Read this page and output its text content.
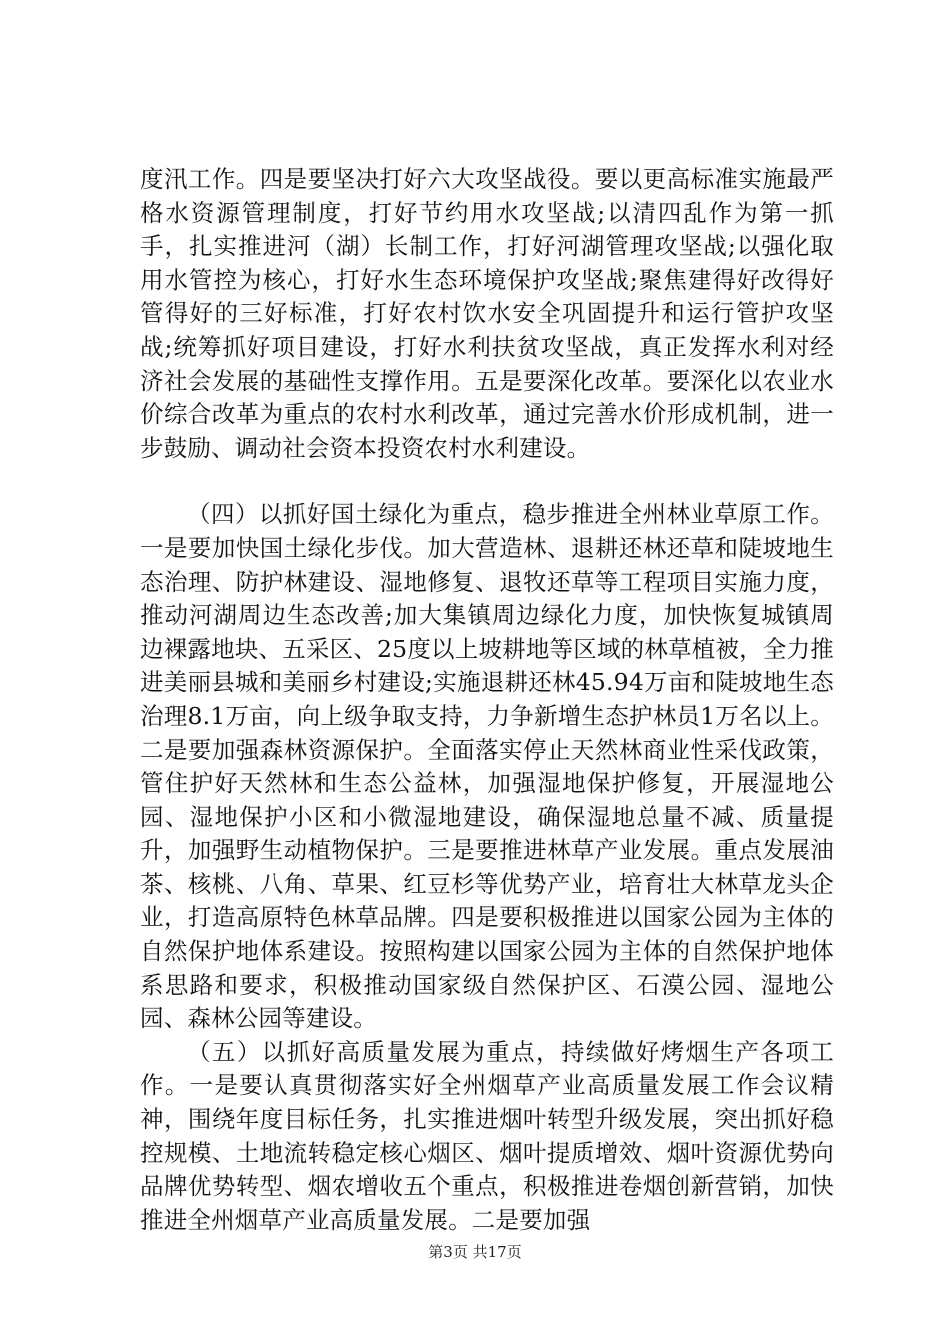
度汛工作。四是要坚决打好六大攻坚战役。要以更高标准实施最严格水资源管理制度，打好节约用水攻坚战;以清四乱作为第一抓手，扎实推进河（湖）长制工作，打好河湖管理攻坚战;以强化取用水管控为核心，打好水生态环境保护攻坚战;聚焦建得好改得好管得好的三好标准，打好农村饮水安全巩固提升和运行管护攻坚战;统筹抓好项目建设，打好水利扶贫攻坚战，真正发挥水利对经济社会发展的基础性支撑作用。五是要深化改革。要深化以农业水价综合改革为重点的农村水利改革，通过完善水价形成机制，进一步鼓励、调动社会资本投资农村水利建设。

（四）以抓好国土绿化为重点，稳步推进全州林业草原工作。一是要加快国土绿化步伐。加大营造林、退耕还林还草和陡坡地生态治理、防护林建设、湿地修复、退牧还草等工程项目实施力度，推动河湖周边生态改善;加大集镇周边绿化力度，加快恢复城镇周边裸露地块、五采区、25度以上坡耕地等区域的林草植被，全力推进美丽县城和美丽乡村建设;实施退耕还林45.94万亩和陡坡地生态治理8.1万亩，向上级争取支持，力争新增生态护林员1万名以上。二是要加强森林资源保护。全面落实停止天然林商业性采伐政策，管住护好天然林和生态公益林，加强湿地保护修复，开展湿地公园、湿地保护小区和小微湿地建设，确保湿地总量不减、质量提升，加强野生动植物保护。三是要推进林草产业发展。重点发展油茶、核桃、八角、草果、红豆杉等优势产业，培育壮大林草龙头企业，打造高原特色林草品牌。四是要积极推进以国家公园为主体的自然保护地体系建设。按照构建以国家公园为主体的自然保护地体系思路和要求，积极推动国家级自然保护区、石漠公园、湿地公园、森林公园等建设。

（五）以抓好高质量发展为重点，持续做好烤烟生产各项工作。一是要认真贯彻落实好全州烟草产业高质量发展工作会议精神，围绕年度目标任务，扎实推进烟叶转型升级发展，突出抓好稳控规模、土地流转稳定核心烟区、烟叶提质增效、烟叶资源优势向品牌优势转型、烟农增收五个重点，积极推进卷烟创新营销，加快推进全州烟草产业高质量发展。二是要加强

第3页 共17页
